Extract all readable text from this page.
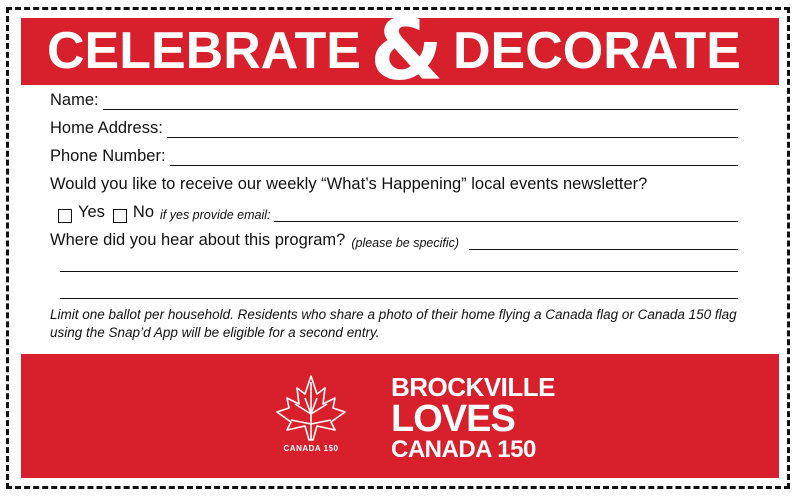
CELEBRATE & DECORATE
Name:
Home Address:
Phone Number:
Would you like to receive our weekly “What’s Happening” local events newsletter?
Yes No if yes provide email:
Where did you hear about this program? (please be specific)
Limit one ballot per household. Residents who share a photo of their home flying a Canada flag or Canada 150 flag using the Snap’d App will be eligible for a second entry.
CANADA 150
BROCKVILLE
LOVES
CANADA 150
